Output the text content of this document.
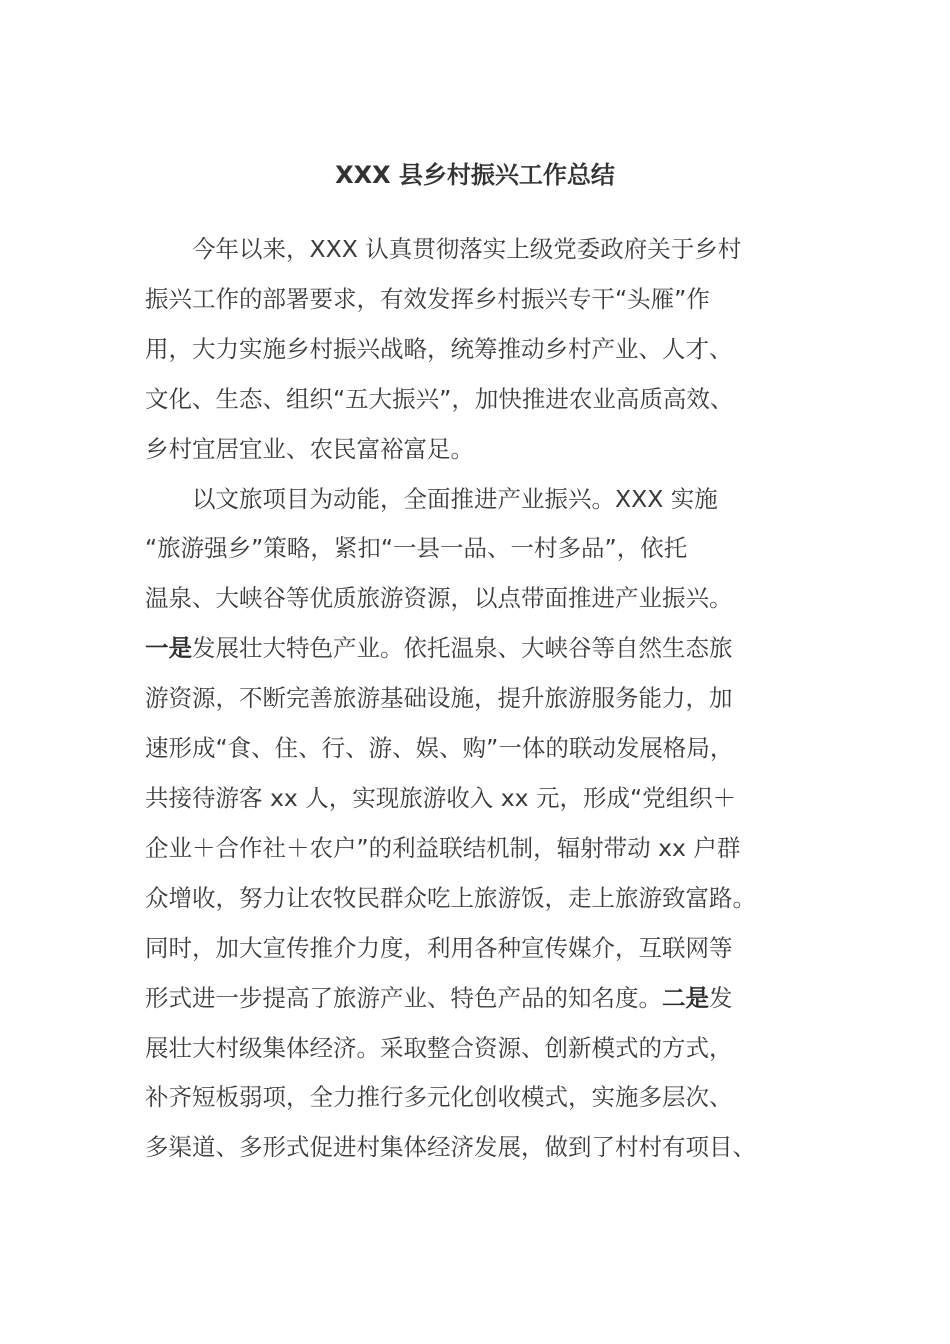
XXX 县乡村振兴工作总结

今年以来，XXX 认真贯彻落实上级党委政府关于乡村
振兴工作的部署要求，有效发挥乡村振兴专干“头雁”作
用，大力实施乡村振兴战略，统筹推动乡村产业、人才、
文化、生态、组织“五大振兴”，加快推进农业高质高效、
乡村宜居宜业、农民富裕富足。

以文旅项目为动能，全面推进产业振兴。XXX 实施
“旅游强乡”策略，紧扣“一县一品、一村多品”，依托
温泉、大峡谷等优质旅游资源，以点带面推进产业振兴。
一是发展壮大特色产业。依托温泉、大峡谷等自然生态旅
游资源，不断完善旅游基础设施，提升旅游服务能力，加
速形成“食、住、行、游、娱、购”一体的联动发展格局，
共接待游客 xx 人，实现旅游收入 xx 元，形成“党组织＋
企业＋合作社＋农户”的利益联结机制，辐射带动 xx 户群
众增收，努力让农牧民群众吃上旅游饭，走上旅游致富路。
同时，加大宣传推介力度，利用各种宣传媒介，互联网等
形式进一步提高了旅游产业、特色产品的知名度。二是发
展壮大村级集体经济。采取整合资源、创新模式的方式，
补齐短板弱项，全力推行多元化创收模式，实施多层次、
多渠道、多形式促进村集体经济发展，做到了村村有项目、
